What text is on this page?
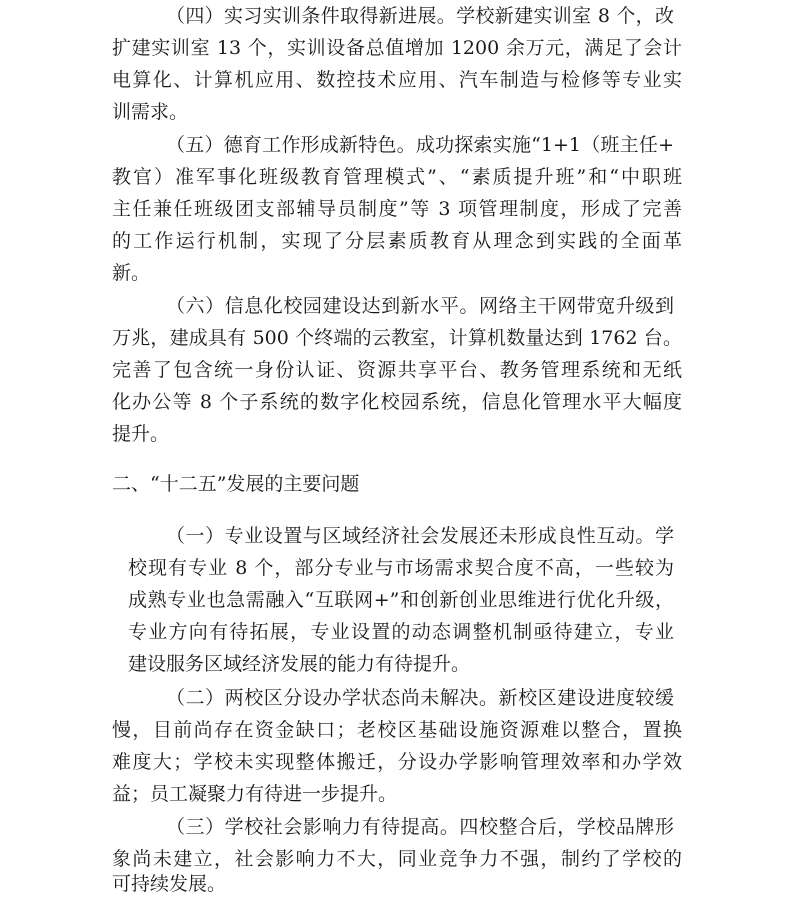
（四）实习实训条件取得新进展。学校新建实训室 8 个，改
扩建实训室 13 个，实训设备总值增加 1200 余万元，满足了会计
电算化、计算机应用、数控技术应用、汽车制造与检修等专业实
训需求。
（五）德育工作形成新特色。成功探索实施“1+1（班主任+
教官）准军事化班级教育管理模式”、“素质提升班”和“中职班
主任兼任班级团支部辅导员制度”等 3 项管理制度，形成了完善
的工作运行机制，实现了分层素质教育从理念到实践的全面革
新。
（六）信息化校园建设达到新水平。网络主干网带宽升级到
万兆，建成具有 500 个终端的云教室，计算机数量达到 1762 台。
完善了包含统一身份认证、资源共享平台、教务管理系统和无纸
化办公等 8 个子系统的数字化校园系统，信息化管理水平大幅度
提升。
二、“十二五”发展的主要问题
（一）专业设置与区域经济社会发展还未形成良性互动。学
校现有专业 8 个，部分专业与市场需求契合度不高，一些较为
成熟专业也急需融入“互联网+”和创新创业思维进行优化升级，
专业方向有待拓展，专业设置的动态调整机制亟待建立，专业
建设服务区域经济发展的能力有待提升。
（二）两校区分设办学状态尚未解决。新校区建设进度较缓
慢，目前尚存在资金缺口；老校区基础设施资源难以整合，置换
难度大；学校未实现整体搬迁，分设办学影响管理效率和办学效
益；员工凝聚力有待进一步提升。
（三）学校社会影响力有待提高。四校整合后，学校品牌形
象尚未建立，社会影响力不大，同业竞争力不强，制约了学校的
可持续发展。
